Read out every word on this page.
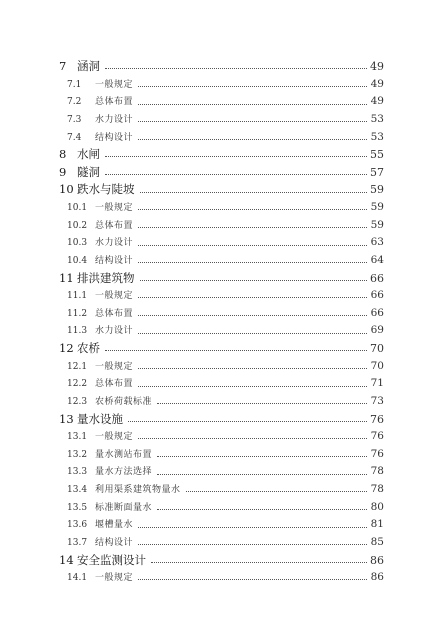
7 涵洞	49
7.1	一般规定	49
7.2	总体布置	49
7.3	水力设计	53
7.4	结构设计	53
8 水闸	55
9 隧洞	57
10 跌水与陡坡	59
10.1 一般规定	59
10.2 总体布置	59
10.3 水力设计	63
10.4 结构设计	64
11 排洪建筑物	66
11.1 一般规定	66
11.2 总体布置	66
11.3 水力设计	69
12 农桥	70
12.1 一般规定	70
12.2 总体布置	71
12.3 农桥荷载标准	73
13 量水设施	76
13.1 一般规定	76
13.2 量水测站布置	76
13.3 量水方法选择	78
13.4 利用渠系建筑物量水	78
13.5 标准断面量水	80
13.6 堰槽量水	81
13.7 结构设计	85
14 安全监测设计	86
14.1 一般规定	86
